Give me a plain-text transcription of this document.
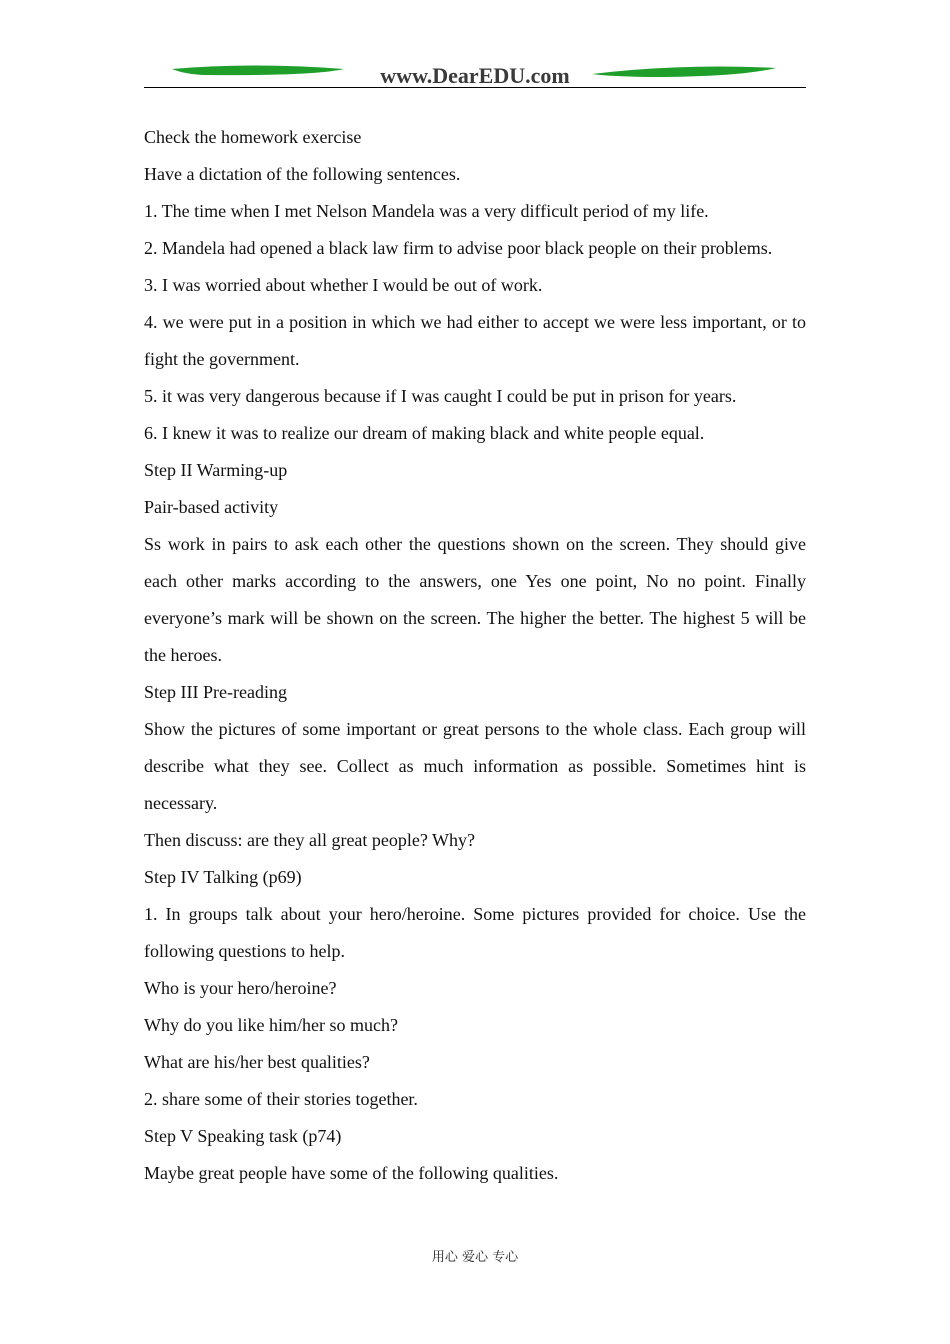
www.DearEDU.com

Check the homework exercise

Have a dictation of the following sentences.

1. The time when I met Nelson Mandela was a very difficult period of my life.

2. Mandela had opened a black law firm to advise poor black people on their problems.

3. I was worried about whether I would be out of work.

4. we were put in a position in which we had either to accept we were less important, or to fight the government.

5. it was very dangerous because if I was caught I could be put in prison for years.

6. I knew it was to realize our dream of making black and white people equal.

Step II Warming-up

Pair-based activity

Ss work in pairs to ask each other the questions shown on the screen. They should give each other marks according to the answers, one Yes one point, No no point. Finally everyone’s mark will be shown on the screen. The higher the better. The highest 5 will be the heroes.

Step III Pre-reading

Show the pictures of some important or great persons to the whole class. Each group will describe what they see. Collect as much information as possible. Sometimes hint is necessary.

Then discuss: are they all great people? Why?

Step IV Talking (p69)

1. In groups talk about your hero/heroine. Some pictures provided for choice. Use the following questions to help.

Who is your hero/heroine?

Why do you like him/her so much?

What are his/her best qualities?

2. share some of their stories together.

Step V Speaking task (p74)

Maybe great people have some of the following qualities.

用心 爱心 专心
